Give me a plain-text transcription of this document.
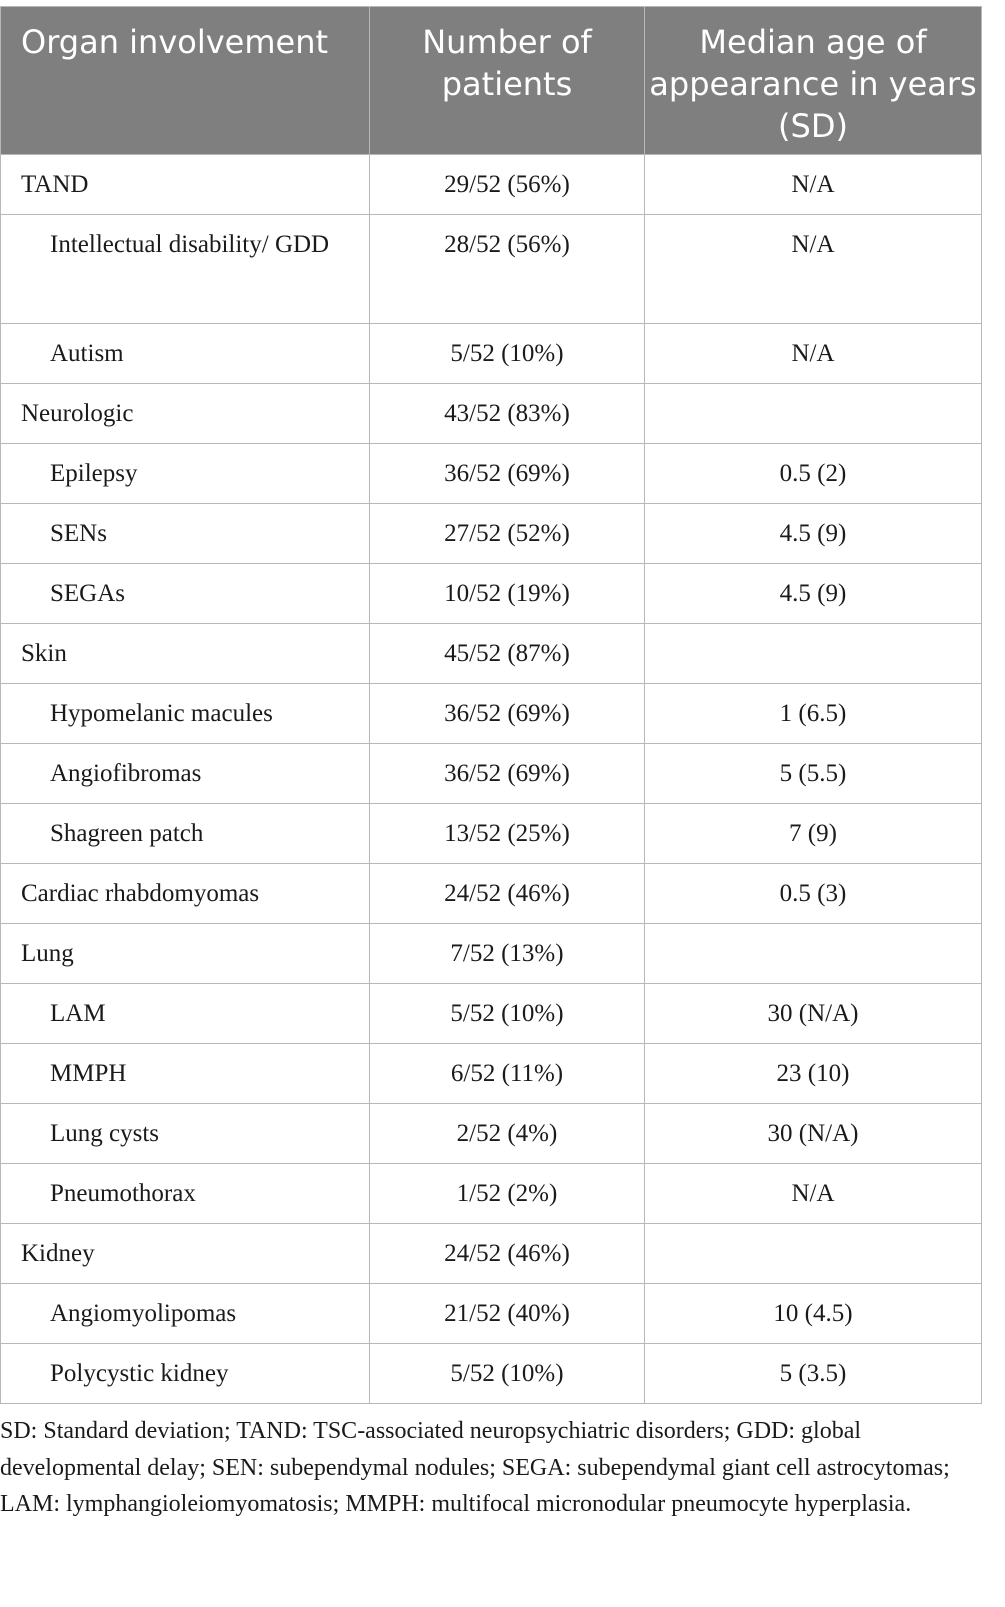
Organ involvement	Number of patients	Median age of appearance in years (SD)
TAND	29/52 (56%)	N/A
Intellectual disability/ GDD	28/52 (56%)	N/A
Autism	5/52 (10%)	N/A
Neurologic	43/52 (83%)	
Epilepsy	36/52 (69%)	0.5 (2)
SENs	27/52 (52%)	4.5 (9)
SEGAs	10/52 (19%)	4.5 (9)
Skin	45/52 (87%)	
Hypomelanic macules	36/52 (69%)	1 (6.5)
Angiofibromas	36/52 (69%)	5 (5.5)
Shagreen patch	13/52 (25%)	7 (9)
Cardiac rhabdomyomas	24/52 (46%)	0.5 (3)
Lung	7/52 (13%)	
LAM	5/52 (10%)	30 (N/A)
MMPH	6/52 (11%)	23 (10)
Lung cysts	2/52 (4%)	30 (N/A)
Pneumothorax	1/52 (2%)	N/A
Kidney	24/52 (46%)	
Angiomyolipomas	21/52 (40%)	10 (4.5)
Polycystic kidney	5/52 (10%)	5 (3.5)

SD: Standard deviation; TAND: TSC-associated neuropsychiatric disorders; GDD: global developmental delay; SEN: subependymal nodules; SEGA: subependymal giant cell astrocytomas; LAM: lymphangioleiomyomatosis; MMPH: multifocal micronodular pneumocyte hyperplasia.
